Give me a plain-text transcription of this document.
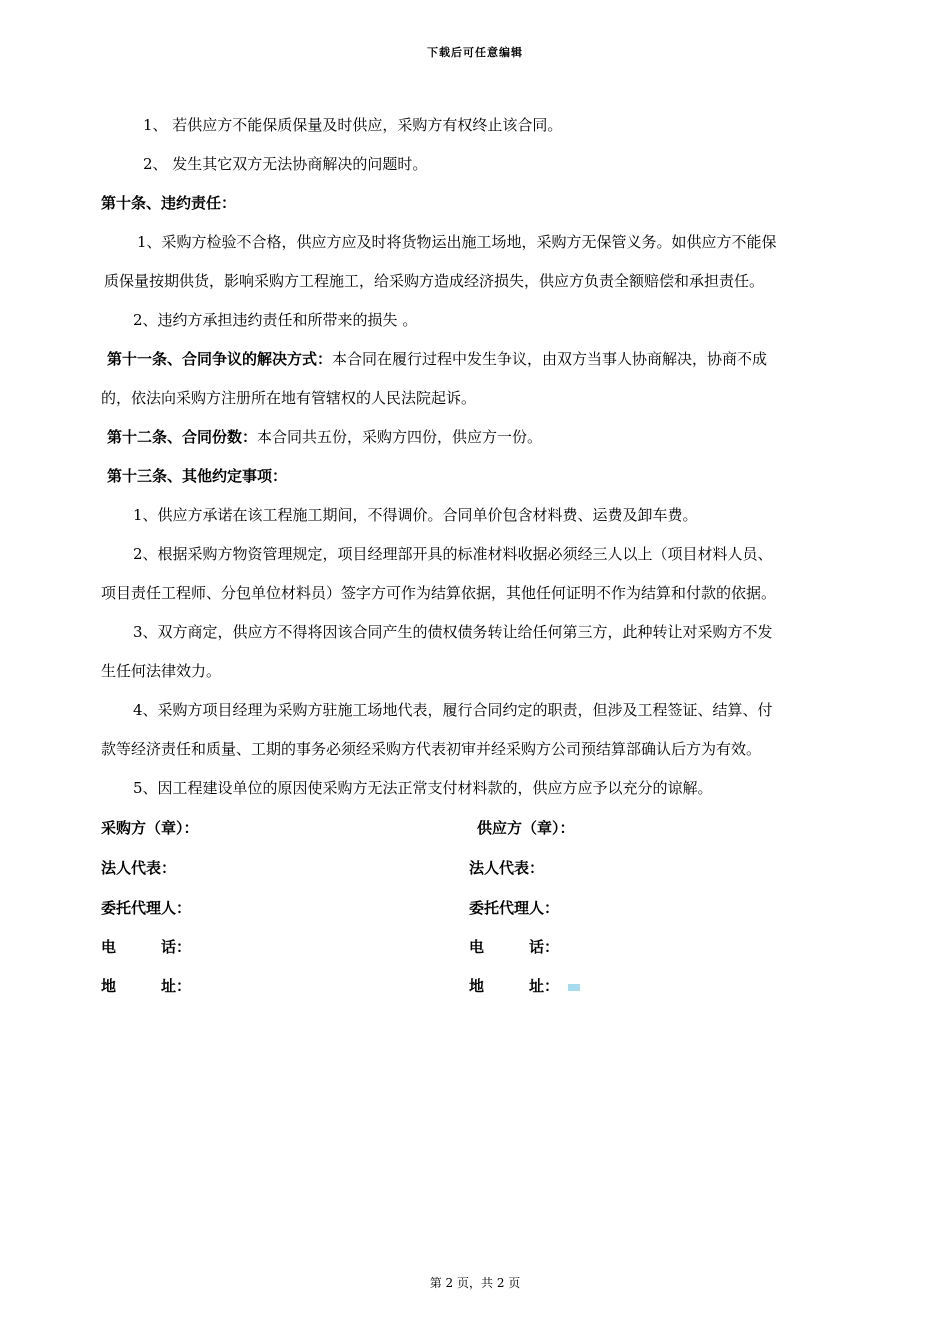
下载后可任意编辑
1、 若供应方不能保质保量及时供应，采购方有权终止该合同。
2、 发生其它双方无法协商解决的问题时。
第十条、违约责任：
1、采购方检验不合格，供应方应及时将货物运出施工场地，采购方无保管义务。如供应方不能保
质保量按期供货，影响采购方工程施工，给采购方造成经济损失，供应方负责全额赔偿和承担责任。
2、违约方承担违约责任和所带来的损失 。
第十一条、合同争议的解决方式：本合同在履行过程中发生争议，由双方当事人协商解决，协商不成
的，依法向采购方注册所在地有管辖权的人民法院起诉。
第十二条、合同份数：本合同共五份，采购方四份，供应方一份。
第十三条、其他约定事项：
1、供应方承诺在该工程施工期间，不得调价。合同单价包含材料费、运费及卸车费。
2、根据采购方物资管理规定，项目经理部开具的标准材料收据必须经三人以上（项目材料人员、
项目责任工程师、分包单位材料员）签字方可作为结算依据，其他任何证明不作为结算和付款的依据。
3、双方商定，供应方不得将因该合同产生的债权债务转让给任何第三方，此种转让对采购方不发
生任何法律效力。
4、采购方项目经理为采购方驻施工场地代表，履行合同约定的职责，但涉及工程签证、结算、付
款等经济责任和质量、工期的事务必须经采购方代表初审并经采购方公司预结算部确认后方为有效。
5、因工程建设单位的原因使采购方无法正常支付材料款的，供应方应予以充分的谅解。
采购方（章）：
法人代表：
委托代理人：
电　　　话：
地　　　址：
供应方（章）：
法人代表：
委托代理人：
电　　　话：
地　　　址：
第 2 页，共 2 页
